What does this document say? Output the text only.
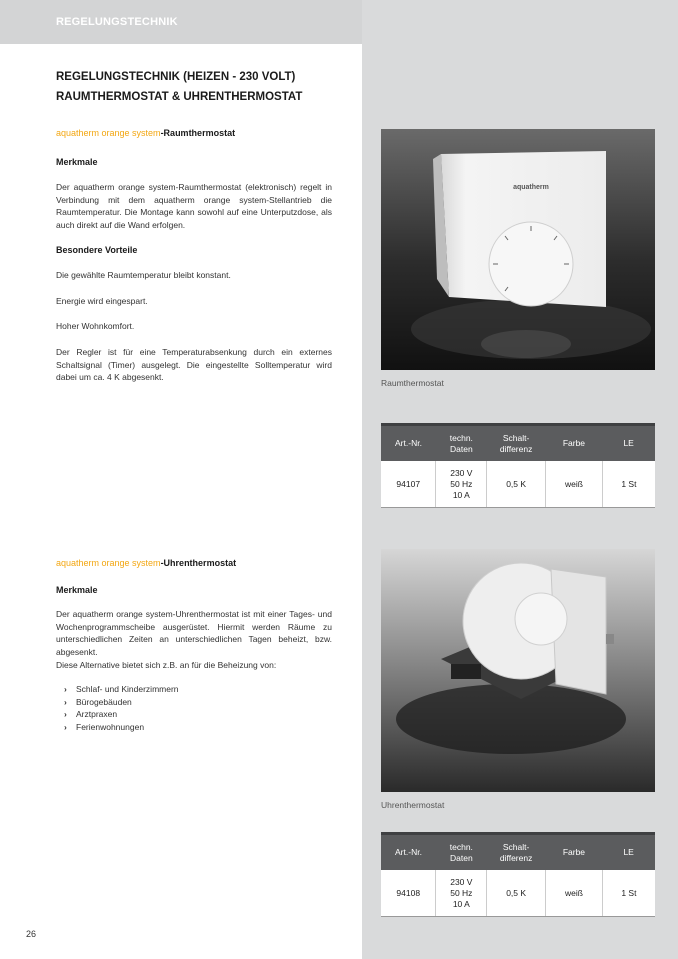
REGELUNGSTECHNIK
REGELUNGSTECHNIK (HEIZEN - 230 VOLT)
RAUMTHERMOSTAT & UHRENTHERMOSTAT
aquatherm orange system-Raumthermostat
Merkmale
Der aquatherm orange system-Raumthermostat (elektronisch) regelt in Verbindung mit dem aquatherm orange system-Stellantrieb die Raumtemperatur. Die Montage kann sowohl auf eine Unterputzdose, als auch direkt auf die Wand erfolgen.
Besondere Vorteile
Die gewählte Raumtemperatur bleibt konstant.
Energie wird eingespart.
Hoher Wohnkomfort.
Der Regler ist für eine Temperaturabsenkung durch ein externes Schaltsignal (Timer) ausgelegt. Die eingestellte Solltemperatur wird dabei um ca. 4 K abgesenkt.
aquatherm
Raumthermostat
Art.-Nr.	techn. Daten	Schalt- differenz	Farbe	LE
94107	230 V
50 Hz
10 A	0,5 K	weiß	1 St
aquatherm orange system-Uhrenthermostat
Merkmale
Der aquatherm orange system-Uhrenthermostat ist mit einer Tages- und Wochenprogrammscheibe ausgerüstet. Hiermit werden Räume zu unterschiedlichen Zeiten an unterschiedlichen Tagen beheizt, bzw. abgesenkt.
Diese Alternative bietet sich z.B. an für die Beheizung von:
› Schlaf- und Kinderzimmern
› Bürogebäuden
› Arztpraxen
› Ferienwohnungen
Uhrenthermostat
Art.-Nr.	techn. Daten	Schalt- differenz	Farbe	LE
94108	230 V
50 Hz
10 A	0,5 K	weiß	1 St
26
